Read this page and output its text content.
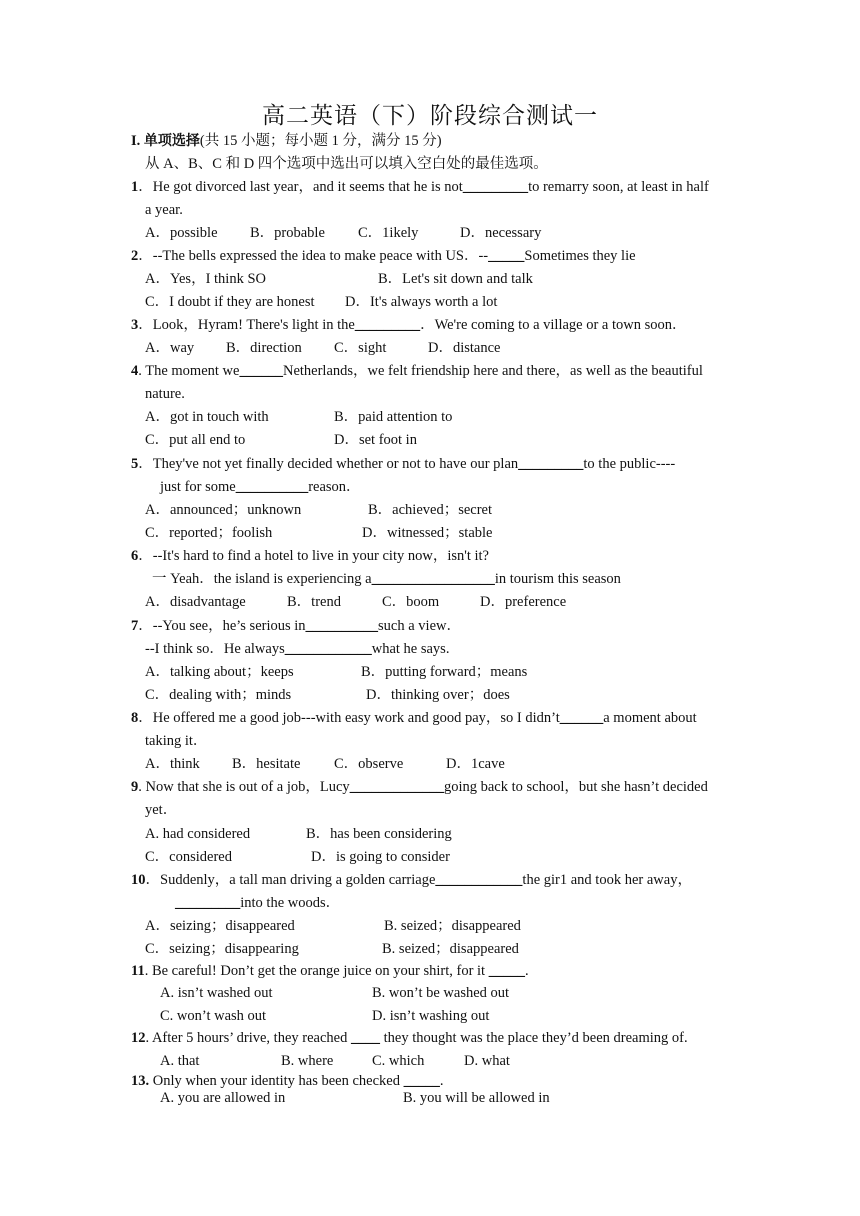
高二英语（下）阶段综合测试一
I. 单项选择(共 15 小题；每小题 1 分，满分 15 分)
从 A、B、C 和 D 四个选项中选出可以填入空白处的最佳选项。
1．He got divorced last year，and it seems that he is not_________to remarry soon, at least in half
a year.
A．possible B．probable C．1ikely	D．necessary
2．--The bells expressed the idea to make peace with US．--_____Sometimes they lie
A．Yes，I think SO	B．Let's sit down and talk
C．I doubt if they are honest D．It's always worth a lot
3．Look，Hyram! There's light in the_________．We're coming to a village or a town soon．
A．way B．direction C．sight	D．distance
4. The moment we______Netherlands，we felt friendship here and there，as well as the beautiful
nature.
A．got in touch with	B．paid attention to
C．put all end to	D．set foot in
5．They've not yet finally decided whether or not to have our plan_________to the public----
just for some__________reason．
A．announced；unknown	B．achieved；secret
C．reported；foolish	D．witnessed；stable
6．--It's hard to find a hotel to live in your city now，isn't it?
一 Yeah．the island is experiencing a_________________in tourism this season
A．disadvantage	B．trend	C．boom	D．preference
7．--You see，he’s serious in__________such a view．
--I think so．He always____________what he says.
A．talking about；keeps	B．putting forward；means
C．dealing with；minds	D．thinking over；does
8．He offered me a good job---with easy work and good pay，so I didn’t______a moment about
taking it．
A．think B．hesitate C．observe	D．1cave
9. Now that she is out of a job，Lucy_____________going back to school，but she hasn’t decided
yet．
A. had considered	B．has been considering
C．considered	D．is going to consider
10．Suddenly，a tall man driving a golden carriage____________the gir1 and took her away，
_________into the woods．
A．seizing；disappeared	B. seized；disappeared
C．seizing；disappearing	B. seized；disappeared
11. Be careful! Don’t get the orange juice on your shirt, for it _____.
A. isn’t washed out	B. won’t be washed out
C. won’t wash out	D. isn’t washing out
12. After 5 hours’ drive, they reached ____ they thought was the place they’d been dreaming of.
A. that	B. where	C. which	D. what
13. Only when your identity has been checked _____.
A. you are allowed in	B. you will be allowed in
